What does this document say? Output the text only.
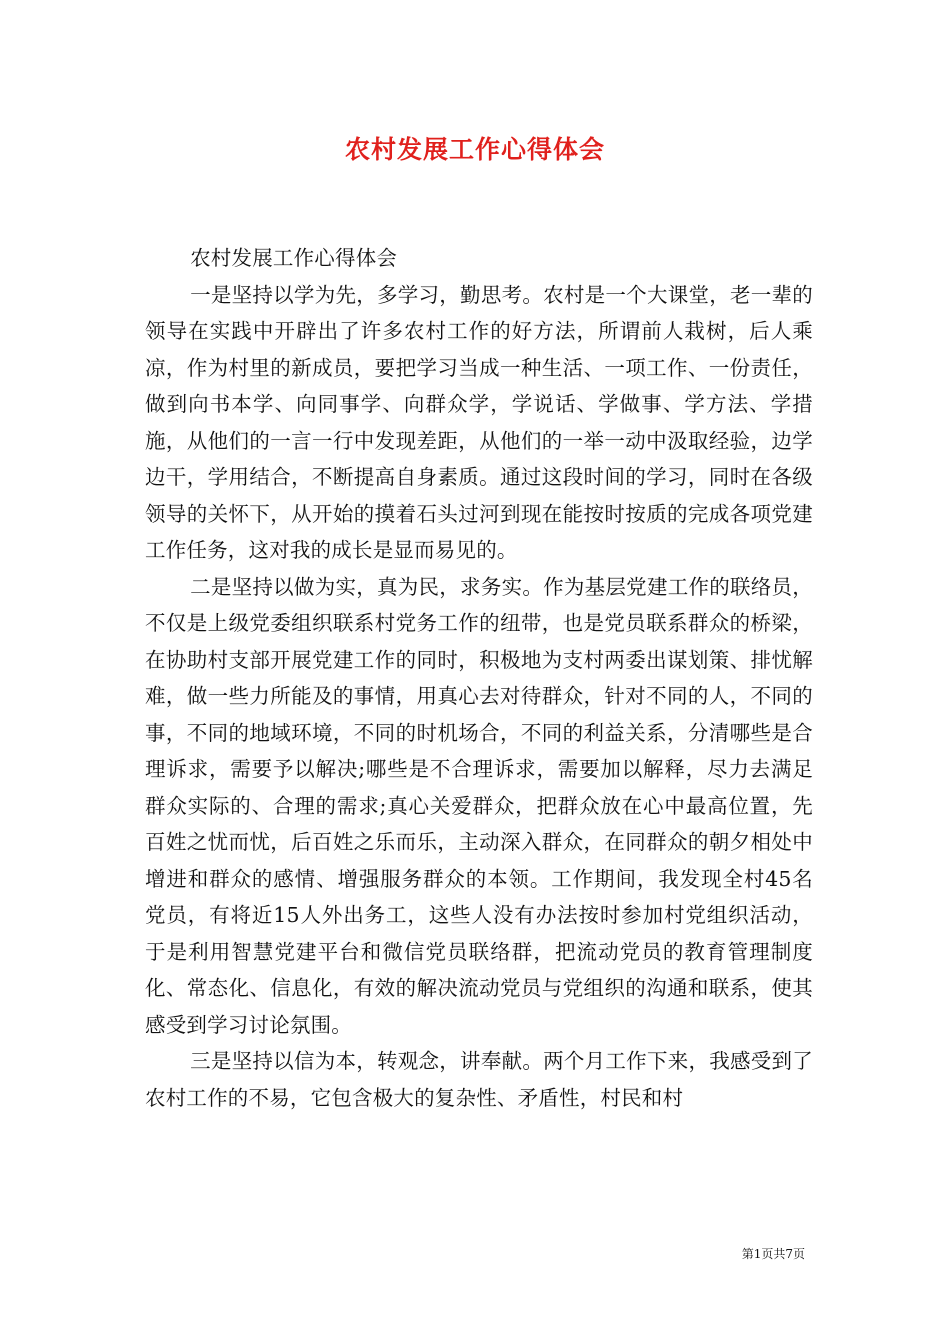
农村发展工作心得体会

农村发展工作心得体会

一是坚持以学为先，多学习，勤思考。农村是一个大课堂，老一辈的领导在实践中开辟出了许多农村工作的好方法，所谓前人栽树，后人乘凉，作为村里的新成员，要把学习当成一种生活、一项工作、一份责任，做到向书本学、向同事学、向群众学，学说话、学做事、学方法、学措施，从他们的一言一行中发现差距，从他们的一举一动中汲取经验，边学边干，学用结合，不断提高自身素质。通过这段时间的学习，同时在各级领导的关怀下，从开始的摸着石头过河到现在能按时按质的完成各项党建工作任务，这对我的成长是显而易见的。

二是坚持以做为实，真为民，求务实。作为基层党建工作的联络员，不仅是上级党委组织联系村党务工作的纽带，也是党员联系群众的桥梁，在协助村支部开展党建工作的同时，积极地为支村两委出谋划策、排忧解难，做一些力所能及的事情，用真心去对待群众，针对不同的人，不同的事，不同的地域环境，不同的时机场合，不同的利益关系，分清哪些是合理诉求，需要予以解决;哪些是不合理诉求，需要加以解释，尽力去满足群众实际的、合理的需求;真心关爱群众，把群众放在心中最高位置，先百姓之忧而忧，后百姓之乐而乐，主动深入群众，在同群众的朝夕相处中增进和群众的感情、增强服务群众的本领。工作期间，我发现全村45名党员，有将近15人外出务工，这些人没有办法按时参加村党组织活动，于是利用智慧党建平台和微信党员联络群，把流动党员的教育管理制度化、常态化、信息化，有效的解决流动党员与党组织的沟通和联系，使其感受到学习讨论氛围。

三是坚持以信为本，转观念，讲奉献。两个月工作下来，我感受到了农村工作的不易，它包含极大的复杂性、矛盾性，村民和村

第1页共7页
